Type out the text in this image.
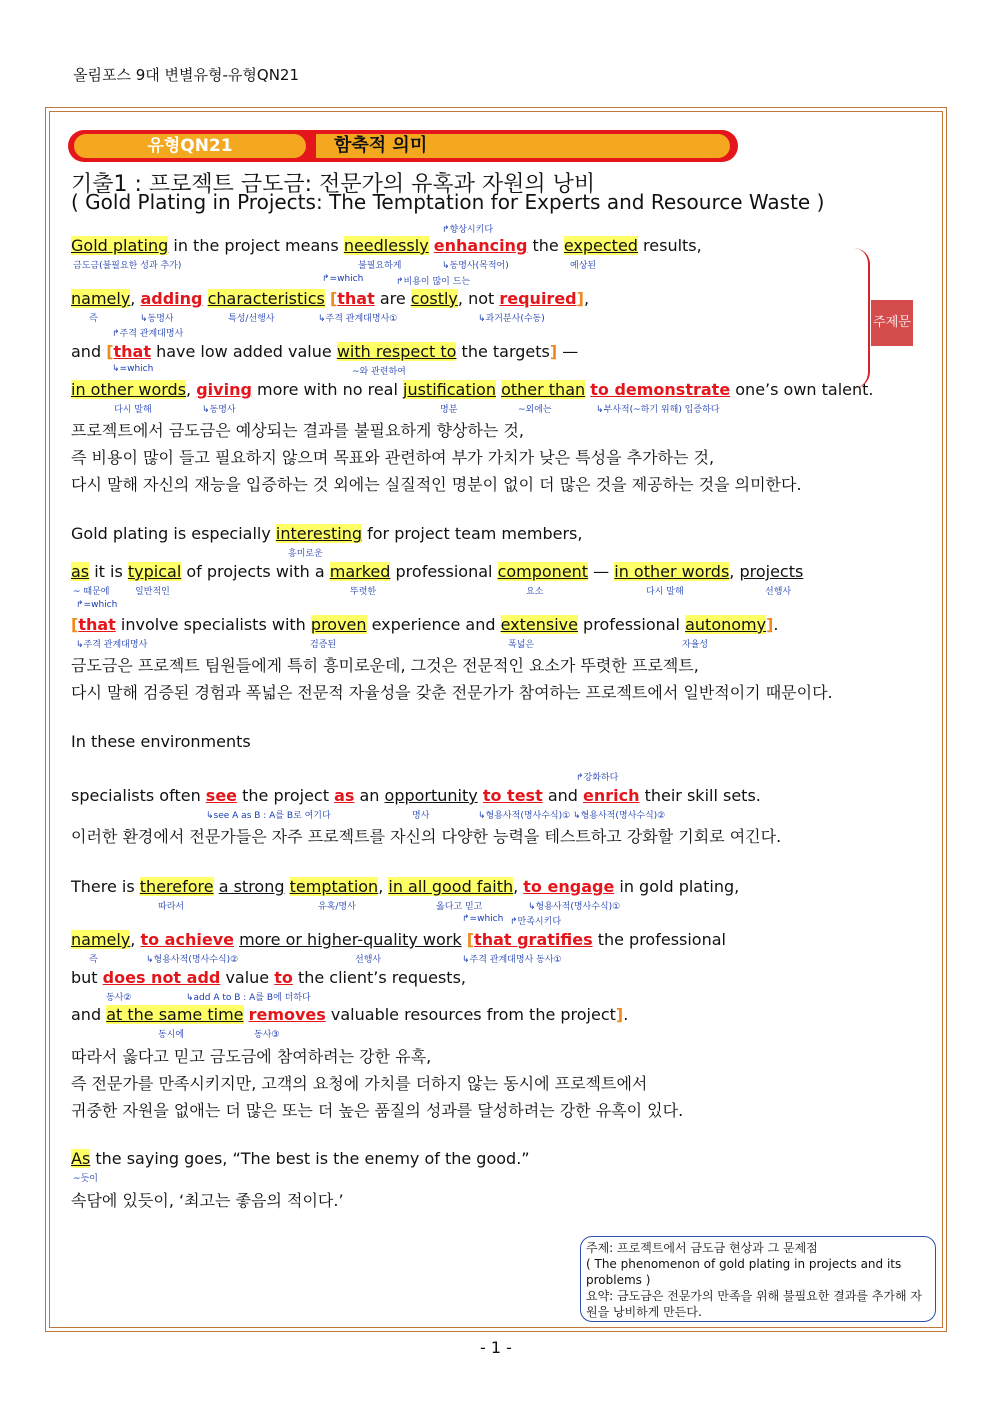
올림포스 9대 변별유형-유형QN21
유형QN21	함축적 의미
기출1 : 프로젝트 금도금: 전문가의 유혹과 자원의 낭비
( Gold Plating in Projects: The Temptation for Experts and Resource Waste )
↱향상시키다
Gold plating in the project means needlessly enhancing the expected results,
금도금(불필요한 성과 추가)	불필요하게	↳동명사(목적어)	예상된
↱=which	↱비용이 많이 드는
namely, adding characteristics [that are costly, not required],
즉	↳동명사	특성/선행사	↳주격 관계대명사①	↳과거분사(수동)
↱주격 관계대명사
and [that have low added value with respect to the targets] —
↳=which	~와 관련하여
in other words, giving more with no real justification other than to demonstrate one’s own talent.
다시 말해	↳동명사	명분	~외에는	↳부사적(~하기 위해) 입증하다
주제문
프로젝트에서 금도금은 예상되는 결과를 불필요하게 향상하는 것,
즉 비용이 많이 들고 필요하지 않으며 목표와 관련하여 부가 가치가 낮은 특성을 추가하는 것,
다시 말해 자신의 재능을 입증하는 것 외에는 실질적인 명분이 없이 더 많은 것을 제공하는 것을 의미한다.
Gold plating is especially interesting for project team members,
흥미로운
as it is typical of projects with a marked professional component — in other words, projects
~ 때문에	일반적인	뚜렷한	요소	다시 말해	선행사
↱=which
[that involve specialists with proven experience and extensive professional autonomy].
↳주격 관계대명사	검증된	폭넓은	자율성
금도금은 프로젝트 팀원들에게 특히 흥미로운데, 그것은 전문적인 요소가 뚜렷한 프로젝트,
다시 말해 검증된 경험과 폭넓은 전문적 자율성을 갖춘 전문가가 참여하는 프로젝트에서 일반적이기 때문이다.
In these environments
↱강화하다
specialists often see the project as an opportunity to test and enrich their skill sets.
↳see A as B : A를 B로 여기다	명사	↳형용사적(명사수식)① ↳형용사적(명사수식)②
이러한 환경에서 전문가들은 자주 프로젝트를 자신의 다양한 능력을 테스트하고 강화할 기회로 여긴다.
There is therefore a strong temptation, in all good faith, to engage in gold plating,
따라서	유혹/명사	옳다고 믿고	↳형용사적(명사수식)①
↱=which ↱만족시키다
namely, to achieve more or higher-quality work [that gratifies the professional
즉	↳형용사적(명사수식)②	선행사	↳주격 관계대명사 동사①
but does not add value to the client’s requests,
동사②	↳add A to B : A를 B에 더하다
and at the same time removes valuable resources from the project].
동시에	동사③
따라서 옳다고 믿고 금도금에 참여하려는 강한 유혹,
즉 전문가를 만족시키지만, 고객의 요청에 가치를 더하지 않는 동시에 프로젝트에서
귀중한 자원을 없애는 더 많은 또는 더 높은 품질의 성과를 달성하려는 강한 유혹이 있다.
As the saying goes, “The best is the enemy of the good.”
~듯이
속담에 있듯이, ‘최고는 좋음의 적이다.’
주제: 프로젝트에서 금도금 현상과 그 문제점
( The phenomenon of gold plating in projects and its problems )
요약: 금도금은 전문가의 만족을 위해 불필요한 결과를 추가해 자원을 낭비하게 만든다.
- 1 -
